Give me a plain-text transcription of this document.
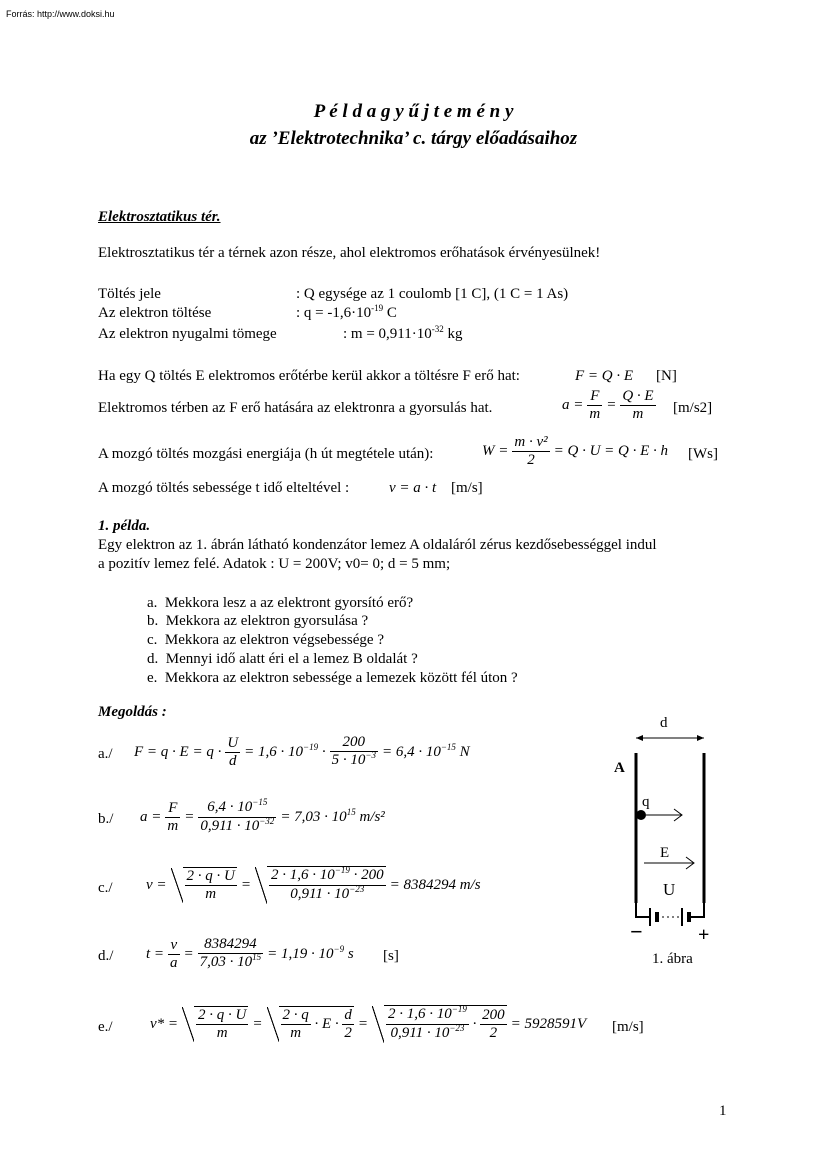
Forrás: http://www.doksi.hu
P é l d a g y ű j t e m é n y
az ’Elektrotechnika’ c. tárgy előadásaihoz
Elektrosztatikus tér.
Elektrosztatikus tér a térnek azon része, ahol elektromos erőhatások érvényesülnek!
Töltés jele	: Q egysége az 1 coulomb [1 C], (1 C = 1 As)
Az elektron töltése	: $q = -1,6\cdot 10^{-19}$ C
Az elektron nyugalmi tömege	: $m = 0,911\cdot 10^{-32}$ kg
Ha egy Q töltés E elektromos erőtérbe kerül akkor a töltésre F erő hat:	F = Q · E [N]
Elektromos térben az F erő hatására az elektronra a gyorsulás hat.	$a = \frac{F}{m} = \frac{Q \cdot E}{m} [m/s2]$
A mozgó töltés mozgási energiája (h út megtétele után):	$W = \frac{\text{m · v²}}{2} = Q \cdot U = Q \cdot E \cdot h$ [Ws]
A mozgó töltés sebessége t idő elteltével :	v = a · t [m/s]
1. példa.
Egy elektron az 1. ábrán látható kondenzátor lemez A oldaláról zérus kezdősebességgel indul
a pozitív lemez felé. Adatok : U = 200V; v0= 0; d = 5 mm;
a. Mekkora lesz a az elektront gyorsító erő?
b. Mekkora az elektron gyorsulása ?
c. Mekkora az elektron végsebessége ?
d. Mennyi idő alatt éri el a lemez B oldalát ?
e. Mekkora az elektron sebessége a lemezek között fél úton ?
Megoldás :
a./ $F = q \cdot E = q \cdot \frac{U}{d} = 1,6 \cdot 10^{-19} \cdot \frac{200}{5 \cdot 10^{-3}} = 6,4 \cdot 10^{-15}$ N
b./ $a = \frac{F}{m} = \frac{6,4 \cdot 10^{-15}}{0,911 \cdot 10^{-32}} = 7,03 \cdot 10^{15}$ m/s²
c./ $v = \frac{2 \cdot q \cdot U}{m} = \frac{2 \cdot 1,6 \cdot 10^{-19} \cdot 200}{0,911 \cdot 10^{-23}} = 8384294$ m/s
d./ $t = \frac{v}{a} = \frac{8384294}{7,03 \cdot 10^{15}} = 1,19 \cdot 10^{-9}$ s [s]
e./ $v* = \frac{2 \cdot q \cdot U}{m} = \frac{2 \cdot q}{m} \cdot E \cdot \frac{d}{2} = \frac{2 \cdot 1,6 \cdot 10^{-19}}{0,911 \cdot 10^{-23}} \cdot \frac{200}{2} = 5928591V$ [m/s]
d
A
q
E
U
−	+
1. ábra
1
